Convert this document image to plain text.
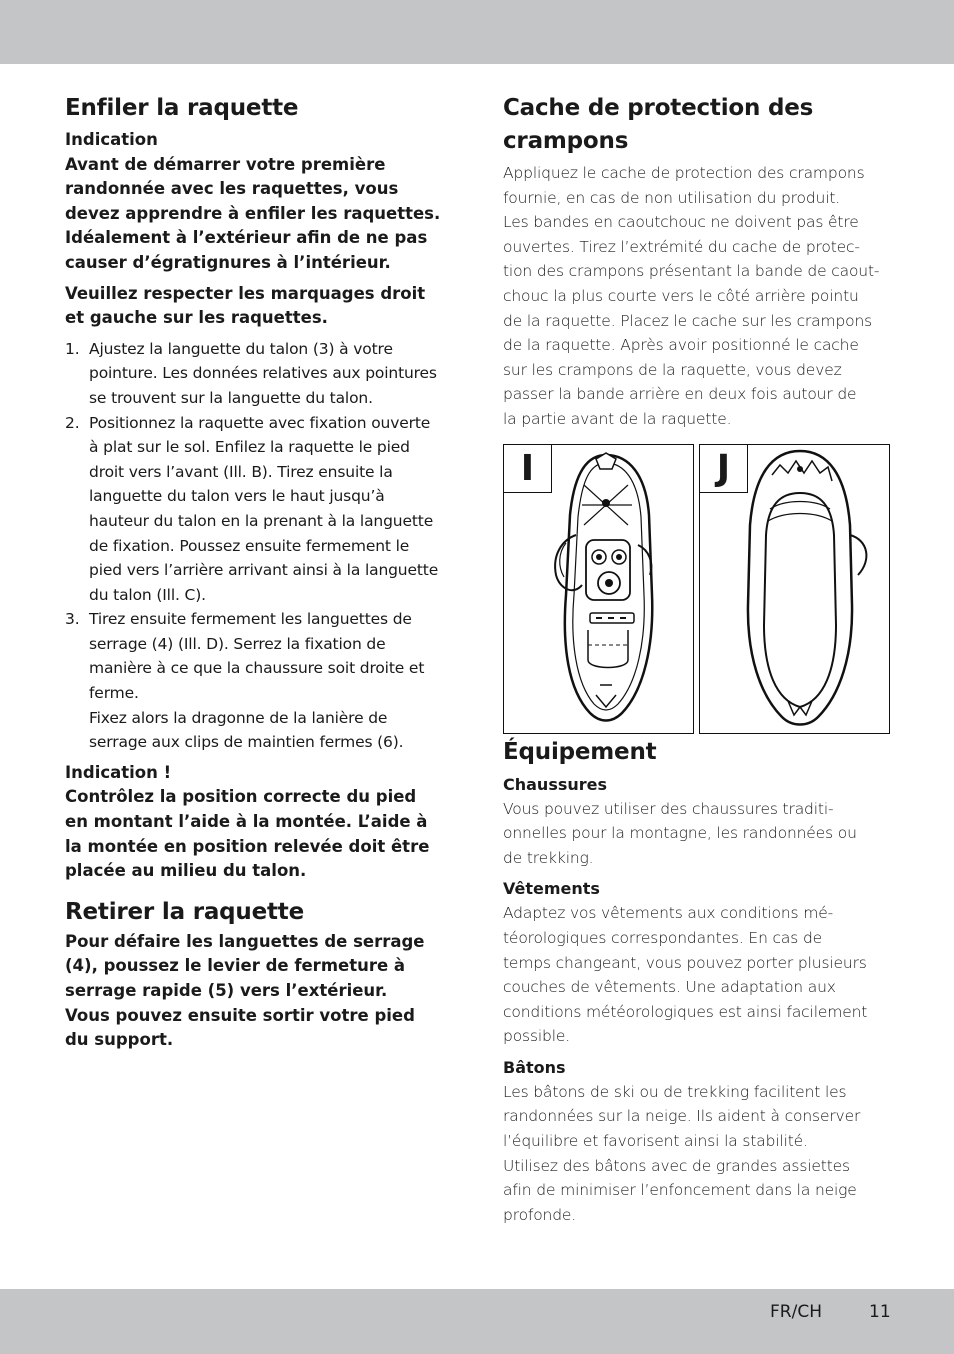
Enfiler la raquette
Indication
Avant de démarrer votre première
randonnée avec les raquettes, vous
devez apprendre à enfiler les raquettes.
Idéalement à l’extérieur afin de ne pas
causer d’égratignures à l’intérieur.
Veuillez respecter les marquages droit
et gauche sur les raquettes.
1. Ajustez la languette du talon (3) à votre
pointure. Les données relatives aux pointures
se trouvent sur la languette du talon.
2. Positionnez la raquette avec fixation ouverte
à plat sur le sol. Enfilez la raquette le pied
droit vers l’avant (Ill. B). Tirez ensuite la
languette du talon vers le haut jusqu’à
hauteur du talon en la prenant à la languette
de fixation. Poussez ensuite fermement le
pied vers l’arrière arrivant ainsi à la languette
du talon (Ill. C).
3. Tirez ensuite fermement les languettes de
serrage (4) (Ill. D). Serrez la fixation de
manière à ce que la chaussure soit droite et
ferme.
Fixez alors la dragonne de la lanière de
serrage aux clips de maintien fermes (6).
Indication !
Contrôlez la position correcte du pied
en montant l’aide à la montée. L’aide à
la montée en position relevée doit être
placée au milieu du talon.
Retirer la raquette
Pour défaire les languettes de serrage
(4), poussez le levier de fermeture à
serrage rapide (5) vers l’extérieur.
Vous pouvez ensuite sortir votre pied
du support.
Cache de protection des
crampons
Appliquez le cache de protection des crampons
fournie, en cas de non utilisation du produit.
Les bandes en caoutchouc ne doivent pas être
ouvertes. Tirez l’extrémité du cache de protec-
tion des crampons présentant la bande de caout-
chouc la plus courte vers le côté arrière pointu
de la raquette. Placez le cache sur les crampons
de la raquette. Après avoir positionné le cache
sur les crampons de la raquette, vous devez
passer la bande arrière en deux fois autour de
la partie avant de la raquette.
I	J
Équipement
Chaussures
Vous pouvez utiliser des chaussures traditi-
onnelles pour la montagne, les randonnées ou
de trekking.
Vêtements
Adaptez vos vêtements aux conditions mé-
téorologiques correspondantes. En cas de
temps changeant, vous pouvez porter plusieurs
couches de vêtements. Une adaptation aux
conditions météorologiques est ainsi facilement
possible.
Bâtons
Les bâtons de ski ou de trekking facilitent les
randonnées sur la neige. Ils aident à conserver
l’équilibre et favorisent ainsi la stabilité.
Utilisez des bâtons avec de grandes assiettes
afin de minimiser l’enfoncement dans la neige
profonde.
FR/CH	11
